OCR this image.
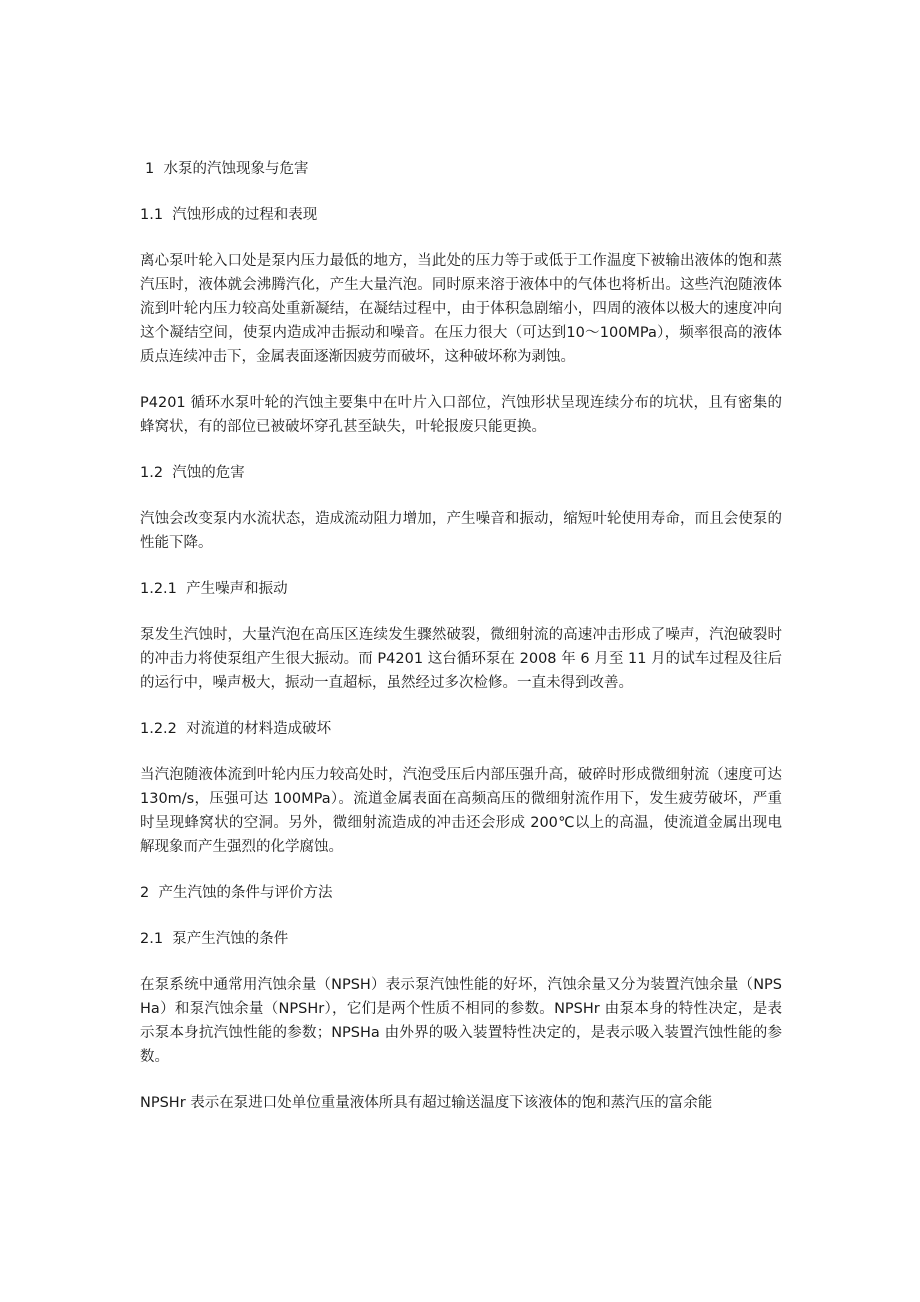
1  水泵的汽蚀现象与危害
1.1  汽蚀形成的过程和表现
离心泵叶轮入口处是泵内压力最低的地方，当此处的压力等于或低于工作温度下被输出液体的饱和蒸汽压时，液体就会沸腾汽化，产生大量汽泡。同时原来溶于液体中的气体也将析出。这些汽泡随液体流到叶轮内压力较高处重新凝结，在凝结过程中，由于体积急剧缩小，四周的液体以极大的速度冲向这个凝结空间，使泵内造成冲击振动和噪音。在压力很大（可达到10～100MPa），频率很高的液体质点连续冲击下，金属表面逐渐因疲劳而破坏，这种破坏称为剥蚀。
P4201 循环水泵叶轮的汽蚀主要集中在叶片入口部位，汽蚀形状呈现连续分布的坑状，且有密集的蜂窝状，有的部位已被破坏穿孔甚至缺失，叶轮报废只能更换。
1.2  汽蚀的危害
汽蚀会改变泵内水流状态，造成流动阻力增加，产生噪音和振动，缩短叶轮使用寿命，而且会使泵的性能下降。
1.2.1  产生噪声和振动
泵发生汽蚀时，大量汽泡在高压区连续发生骤然破裂，微细射流的高速冲击形成了噪声，汽泡破裂时的冲击力将使泵组产生很大振动。而 P4201 这台循环泵在 2008 年 6 月至 11 月的试车过程及往后的运行中，噪声极大，振动一直超标，虽然经过多次检修。一直未得到改善。
1.2.2  对流道的材料造成破坏
当汽泡随液体流到叶轮内压力较高处时，汽泡受压后内部压强升高，破碎时形成微细射流（速度可达 130m/s，压强可达 100MPa）。流道金属表面在高频高压的微细射流作用下，发生疲劳破坏，严重时呈现蜂窝状的空洞。另外，微细射流造成的冲击还会形成 200℃以上的高温，使流道金属出现电解现象而产生强烈的化学腐蚀。
2  产生汽蚀的条件与评价方法
2.1  泵产生汽蚀的条件
在泵系统中通常用汽蚀余量（NPSH）表示泵汽蚀性能的好坏，汽蚀余量又分为装置汽蚀余量（NPSHa）和泵汽蚀余量（NPSHr），它们是两个性质不相同的参数。NPSHr 由泵本身的特性决定，是表示泵本身抗汽蚀性能的参数；NPSHa 由外界的吸入装置特性决定的，是表示吸入装置汽蚀性能的参数。
NPSHr 表示在泵进口处单位重量液体所具有超过输送温度下该液体的饱和蒸汽压的富余能
